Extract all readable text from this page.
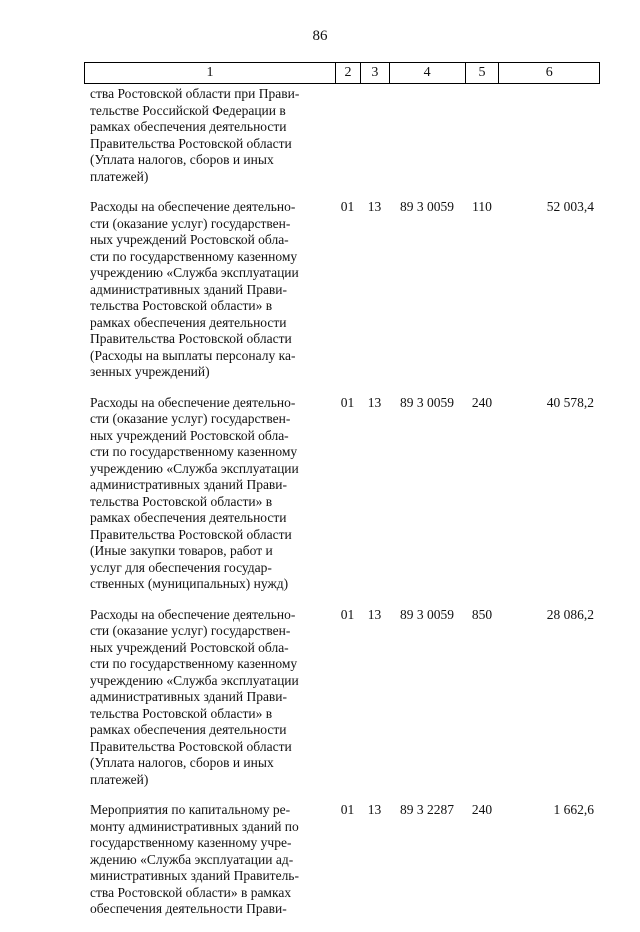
86
1	2	3	4	5	6
ства Ростовской области при Прави-
тельстве Российской Федерации в
рамках обеспечения деятельности
Правительства Ростовской области
(Уплата налогов, сборов и иных
платежей)
Расходы на обеспечение деятельно-
сти (оказание услуг) государствен-
ных учреждений Ростовской обла-
сти по государственному казенному
учреждению «Служба эксплуатации
административных зданий Прави-
тельства Ростовской области» в
рамках обеспечения деятельности
Правительства Ростовской области
(Расходы на выплаты персоналу ка-
зенных учреждений)
01	13	89 3 0059	110	52 003,4
Расходы на обеспечение деятельно-
сти (оказание услуг) государствен-
ных учреждений Ростовской обла-
сти по государственному казенному
учреждению «Служба эксплуатации
административных зданий Прави-
тельства Ростовской области» в
рамках обеспечения деятельности
Правительства Ростовской области
(Иные закупки товаров, работ и
услуг для обеспечения государ-
ственных (муниципальных) нужд)
01	13	89 3 0059	240	40 578,2
Расходы на обеспечение деятельно-
сти (оказание услуг) государствен-
ных учреждений Ростовской обла-
сти по государственному казенному
учреждению «Служба эксплуатации
административных зданий Прави-
тельства Ростовской области» в
рамках обеспечения деятельности
Правительства Ростовской области
(Уплата налогов, сборов и иных
платежей)
01	13	89 3 0059	850	28 086,2
Мероприятия по капитальному ре-
монту административных зданий по
государственному казенному учре-
ждению «Служба эксплуатации ад-
министративных зданий Правитель-
ства Ростовской области» в рамках
обеспечения деятельности Прави-
01	13	89 3 2287	240	1 662,6
